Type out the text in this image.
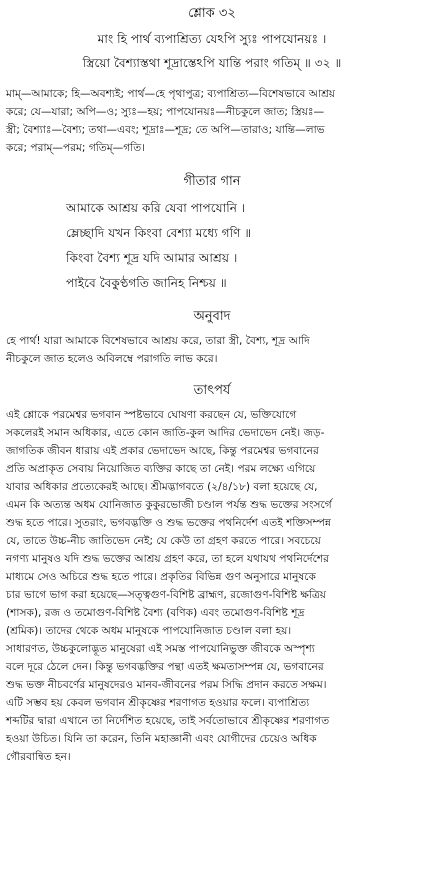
শ্লোক ৩২

মাং হি পার্থ ব্যপাশ্রিত্য যেঽপি স্যুঃ পাপযোনয়ঃ ।

স্ত্রিয়ো বৈশ্যাস্তথা শূদ্রাস্তেঽপি যান্তি পরাং গতিম্‌ ॥ ৩২ ॥

মাম্‌—আমাকে; হি—অবশ্যই; পার্থ—হে পৃথাপুত্র; ব্যপাশ্রিত্য—বিশেষভাবে আশ্রয়

করে; যে—যারা; অপি—ও; স্যুঃ—হয়; পাপযোনয়ঃ—নীচকুলে জাত; স্ত্রিয়ঃ—

স্ত্রী; বৈশ্যাঃ—বৈশ্য; তথা—এবং; শূদ্রাঃ—শূদ্র; তে অপি—তারাও; যান্তি—লাভ

করে; পরাম্‌—পরম; গতিম্‌—গতি।

গীতার গান

আমাকে আশ্রয় করি যেবা পাপযোনি ।

ম্লেচ্ছাদি যখন কিংবা বেশ্যা মধ্যে গণি ॥

কিংবা বৈশ্য শূদ্র যদি আমার আশ্রয় ।

পাইবে বৈকুণ্ঠগতি জানিহ নিশ্চয় ॥

অনুবাদ

হে পার্থ! যারা আমাকে বিশেষভাবে আশ্রয় করে, তারা স্ত্রী, বৈশ্য, শূদ্র আদি

নীচকুলে জাত হলেও অবিলম্বে পরাগতি লাভ করে।

তাৎপর্য

এই শ্লোকে পরমেশ্বর ভগবান স্পষ্টভাবে ঘোষণা করছেন যে, ভক্তিযোগে

সকলেরই সমান অধিকার, এতে কোন জাতি-কুল আদির ভেদাভেদ নেই। জড়-

জাগতিক জীবন ধারায় এই প্রকার ভেদাভেদ আছে, কিন্তু পরমেশ্বর ভগবানের

প্রতি অপ্রাকৃত সেবায় নিয়োজিত ব্যক্তির কাছে তা নেই। পরম লক্ষ্যে এগিয়ে

যাবার অধিকার প্রত্যেকেরই আছে। শ্রীমদ্ভাগবতে (২/৪/১৮) বলা হয়েছে যে,

এমন কি অত্যন্ত অধম যোনিজাত কুকুরভোজী চণ্ডাল পর্যন্ত শুদ্ধ ভক্তের সংসর্গে

শুদ্ধ হতে পারে। সুতরাং, ভগবদ্ভক্তি ও শুদ্ধ ভক্তের পথনির্দেশ এতই শক্তিসম্পন্ন

যে, তাতে উচ্চ-নীচ জাতিভেদ নেই; যে কেউ তা গ্রহণ করতে পারে। সবচেয়ে

নগণ্য মানুষও যদি শুদ্ধ ভক্তের আশ্রয় গ্রহণ করে, তা হলে যথাযথ পথনির্দেশের

মাধ্যমে সেও অচিরে শুদ্ধ হতে পারে। প্রকৃতির বিভিন্ন গুণ অনুসারে মানুষকে

চার ভাগে ভাগ করা হয়েছে—সত্ত্বগুণ-বিশিষ্ট ব্রাহ্মণ, রজোগুণ-বিশিষ্ট ক্ষত্রিয়

(শাসক), রজ ও তমোগুণ-বিশিষ্ট বৈশ্য (বণিক) এবং তমোগুণ-বিশিষ্ট শূদ্র

(শ্রমিক)। তাদের থেকে অধম মানুষকে পাপযোনিজাত চণ্ডাল বলা হয়।

সাধারণত, উচ্চকুলোদ্ভূত মানুষেরা এই সমস্ত পাপযোনিভুক্ত জীবকে অস্পৃশ্য

বলে দূরে ঠেলে দেন। কিন্তু ভগবদ্ভক্তির পন্থা এতই ক্ষমতাসম্পন্ন যে, ভগবানের

শুদ্ধ ভক্ত নীচবর্ণের মানুষদেরও মানব-জীবনের পরম সিদ্ধি প্রদান করতে সক্ষম।

এটি সম্ভব হয় কেবল ভগবান শ্রীকৃষ্ণের শরণাগত হওয়ার ফলে। ব্যপাশ্রিত্য

শব্দটির দ্বারা এখানে তা নির্দেশিত হয়েছে, তাই সর্বতোভাবে শ্রীকৃষ্ণের শরণাগত

হওয়া উচিত। যিনি তা করেন, তিনি মহাজ্ঞানী এবং যোগীদের চেয়েও অধিক

গৌরবান্বিত হন।
